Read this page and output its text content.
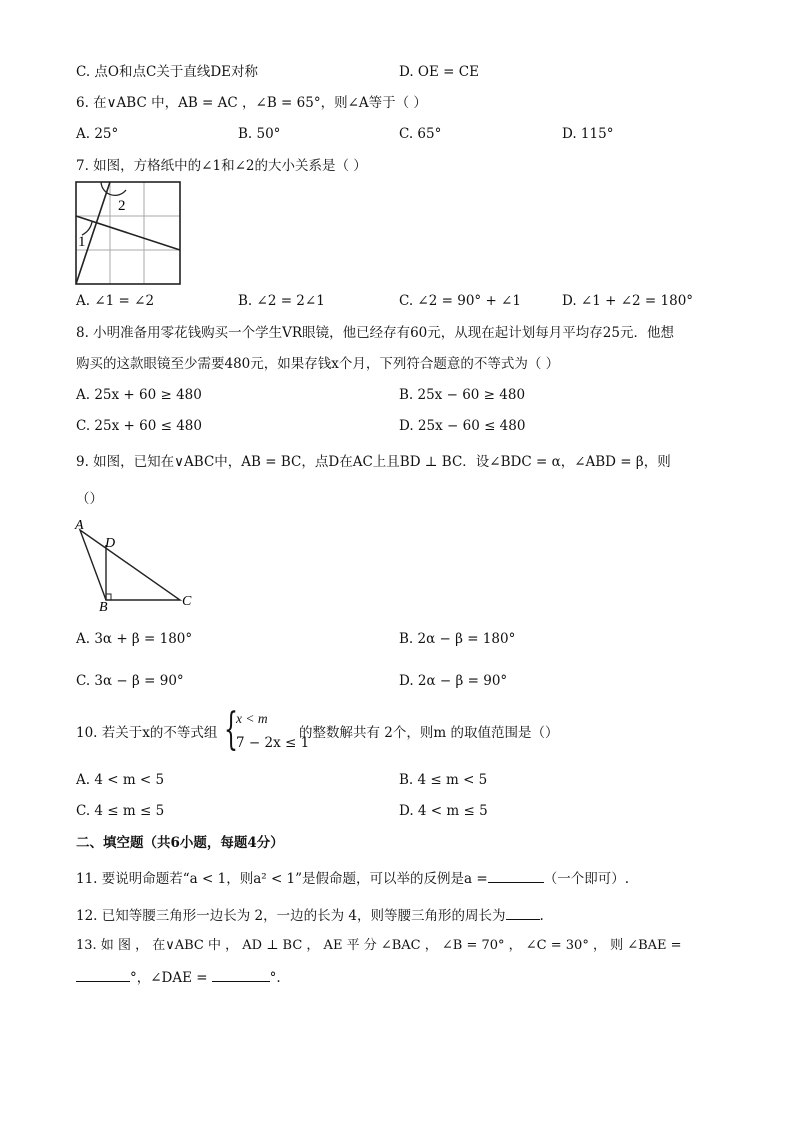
C. 点O和点C关于直线DE对称	D. OE = CE
6. 在∨ABC 中，AB = AC ，∠B = 65°，则∠A等于（ ）
A. 25°	B. 50°	C. 65°	D. 115°
7. 如图，方格纸中的∠1和∠2的大小关系是（ ）
1
2
A. ∠1 = ∠2	B. ∠2 = 2∠1	C. ∠2 = 90° + ∠1	D. ∠1 + ∠2 = 180°
8. 小明准备用零花钱购买一个学生VR眼镜，他已经存有60元，从现在起计划每月平均存25元．他想
购买的这款眼镜至少需要480元，如果存钱x个月，下列符合题意的不等式为（ ）
A. 25x + 60 ≥ 480	B. 25x − 60 ≥ 480
C. 25x + 60 ≤ 480	D. 25x − 60 ≤ 480
9. 如图，已知在∨ABC中，AB = BC，点D在AC上且BD ⊥ BC．设∠BDC = α，∠ABD = β，则
（）
A
D
B	C
A. 3α + β = 180°	B. 2α − β = 180°
C. 3α − β = 90°	D. 2α − β = 90°
10. 若关于x的不等式组 {
x < m
7 − 2x ≤ 1
的整数解共有 2个，则m 的取值范围是（）
A. 4 < m < 5	B. 4 ≤ m < 5
C. 4 ≤ m ≤ 5	D. 4 < m ≤ 5
二、填空题（共6小题，每题4分）
11. 要说明命题若“a < 1，则a² < 1”是假命题，可以举的反例是a =	（一个即可）.
12. 已知等腰三角形一边长为 2，一边的长为 4，则等腰三角形的周长为	.
13. 如 图 ， 在∨ABC 中 ， AD ⊥ BC ， AE 平 分 ∠BAC ， ∠B = 70° ， ∠C = 30° ， 则 ∠BAE =
°，∠DAE =	°.
